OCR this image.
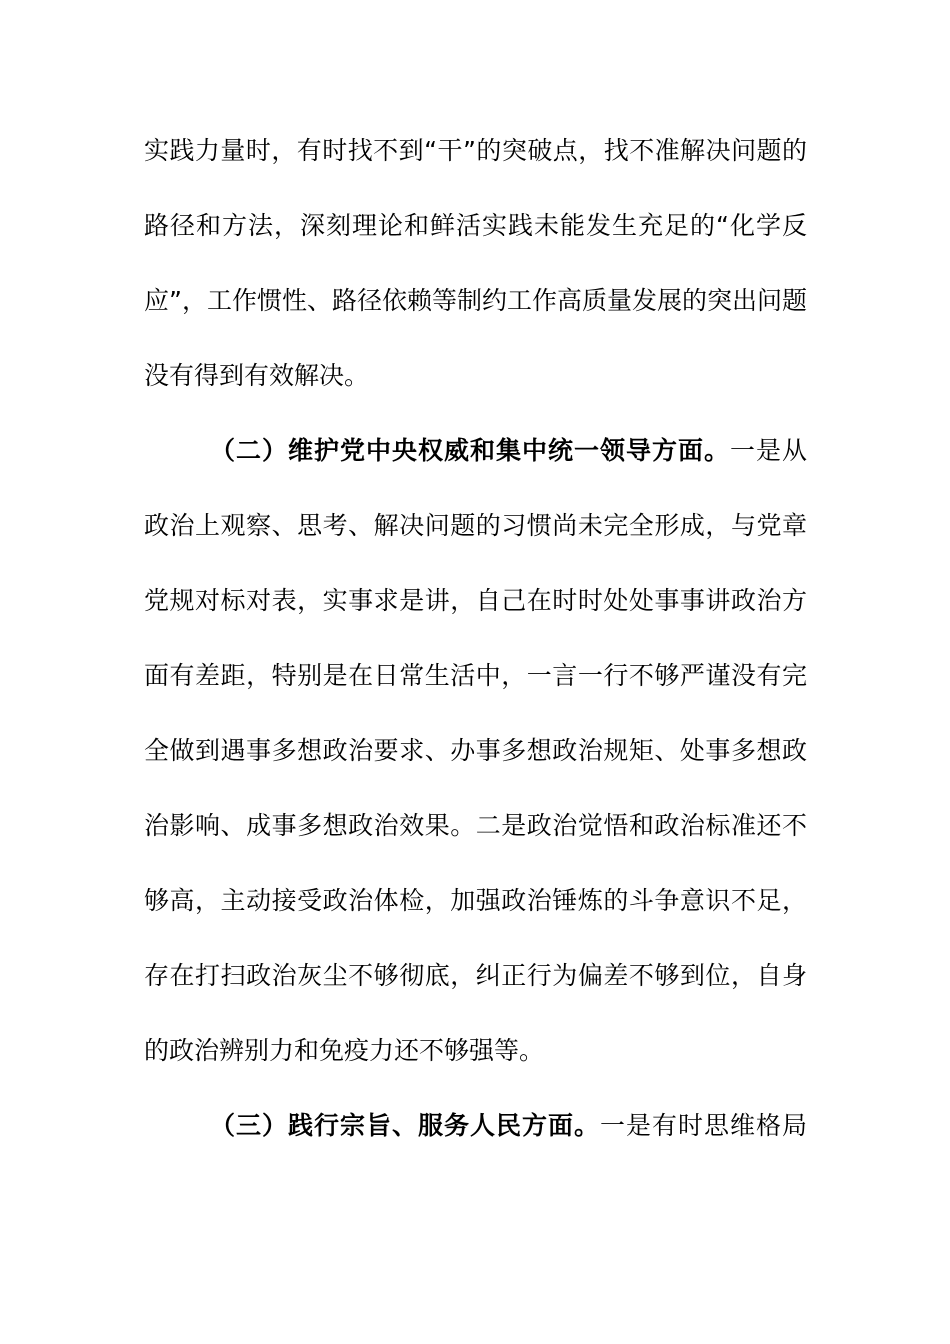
实践力量时，有时找不到“干”的突破点，找不准解决问题的路径和方法，深刻理论和鲜活实践未能发生充足的“化学反应”，工作惯性、路径依赖等制约工作高质量发展的突出问题没有得到有效解决。

（二）维护党中央权威和集中统一领导方面。一是从政治上观察、思考、解决问题的习惯尚未完全形成，与党章党规对标对表，实事求是讲，自己在时时处处事事讲政治方面有差距，特别是在日常生活中，一言一行不够严谨没有完全做到遇事多想政治要求、办事多想政治规矩、处事多想政治影响、成事多想政治效果。二是政治觉悟和政治标准还不够高，主动接受政治体检，加强政治锤炼的斗争意识不足，存在打扫政治灰尘不够彻底，纠正行为偏差不够到位，自身的政治辨别力和免疫力还不够强等。

（三）践行宗旨、服务人民方面。一是有时思维格局
